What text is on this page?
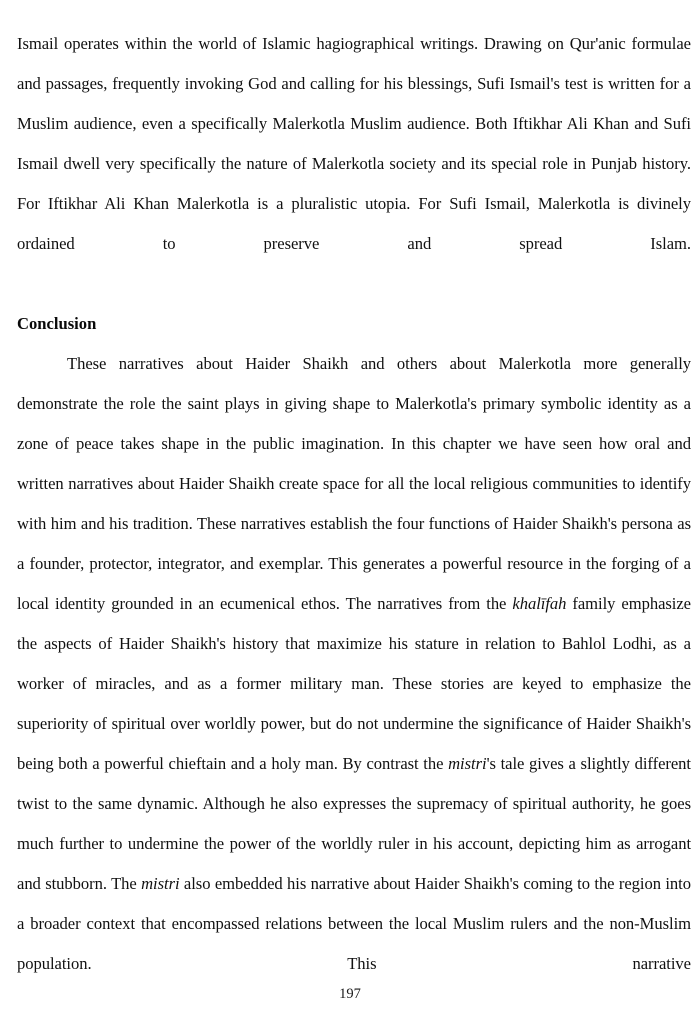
Ismail operates within the world of Islamic hagiographical writings. Drawing on Qur'anic formulae and passages, frequently invoking God and calling for his blessings, Sufi Ismail's test is written for a Muslim audience, even a specifically Malerkotla Muslim audience. Both Iftikhar Ali Khan and Sufi Ismail dwell very specifically the nature of Malerkotla society and its special role in Punjab history. For Iftikhar Ali Khan Malerkotla is a pluralistic utopia. For Sufi Ismail, Malerkotla is divinely ordained to preserve and spread Islam.

Conclusion

These narratives about Haider Shaikh and others about Malerkotla more generally demonstrate the role the saint plays in giving shape to Malerkotla's primary symbolic identity as a zone of peace takes shape in the public imagination. In this chapter we have seen how oral and written narratives about Haider Shaikh create space for all the local religious communities to identify with him and his tradition. These narratives establish the four functions of Haider Shaikh's persona as a founder, protector, integrator, and exemplar. This generates a powerful resource in the forging of a local identity grounded in an ecumenical ethos. The narratives from the khalīfah family emphasize the aspects of Haider Shaikh's history that maximize his stature in relation to Bahlol Lodhi, as a worker of miracles, and as a former military man. These stories are keyed to emphasize the superiority of spiritual over worldly power, but do not undermine the significance of Haider Shaikh's being both a powerful chieftain and a holy man. By contrast the mistri's tale gives a slightly different twist to the same dynamic. Although he also expresses the supremacy of spiritual authority, he goes much further to undermine the power of the worldly ruler in his account, depicting him as arrogant and stubborn. The mistri also embedded his narrative about Haider Shaikh's coming to the region into a broader context that encompassed relations between the local Muslim rulers and the non-Muslim population. This narrative

197
